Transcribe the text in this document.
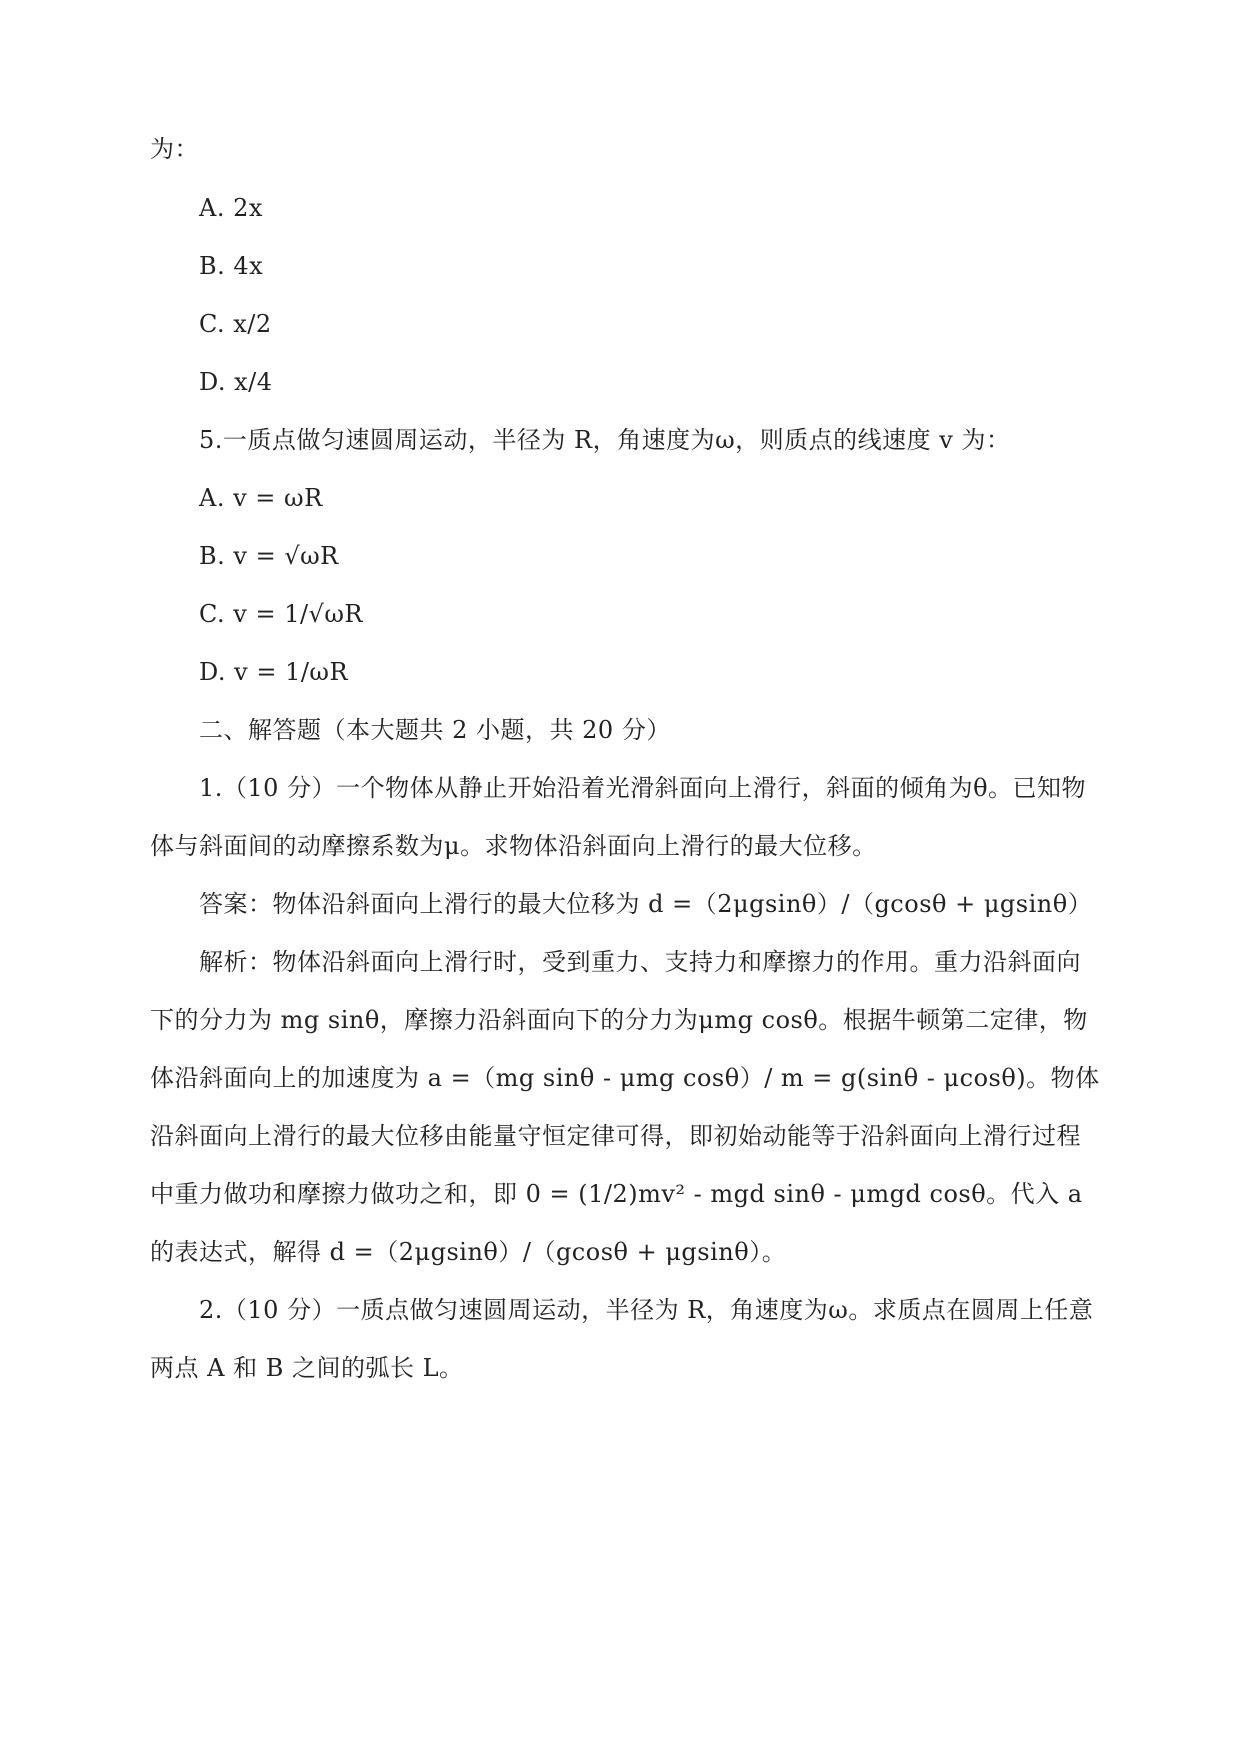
为：
A. 2x
B. 4x
C. x/2
D. x/4
5.一质点做匀速圆周运动，半径为 R，角速度为ω，则质点的线速度 v 为：
A. v = ωR
B. v = √ωR
C. v = 1/√ωR
D. v = 1/ωR
二、解答题（本大题共 2 小题，共 20 分）
1.（10 分）一个物体从静止开始沿着光滑斜面向上滑行，斜面的倾角为θ。已知物
体与斜面间的动摩擦系数为μ。求物体沿斜面向上滑行的最大位移。
答案：物体沿斜面向上滑行的最大位移为 d =（2μgsinθ）/（gcosθ + μgsinθ）
解析：物体沿斜面向上滑行时，受到重力、支持力和摩擦力的作用。重力沿斜面向
下的分力为 mg sinθ，摩擦力沿斜面向下的分力为μmg cosθ。根据牛顿第二定律，物
体沿斜面向上的加速度为 a =（mg sinθ - μmg cosθ）/ m = g(sinθ - μcosθ)。物体
沿斜面向上滑行的最大位移由能量守恒定律可得，即初始动能等于沿斜面向上滑行过程
中重力做功和摩擦力做功之和，即 0 = (1/2)mv² - mgd sinθ - μmgd cosθ。代入 a
的表达式，解得 d =（2μgsinθ）/（gcosθ + μgsinθ）。
2.（10 分）一质点做匀速圆周运动，半径为 R，角速度为ω。求质点在圆周上任意
两点 A 和 B 之间的弧长 L。
